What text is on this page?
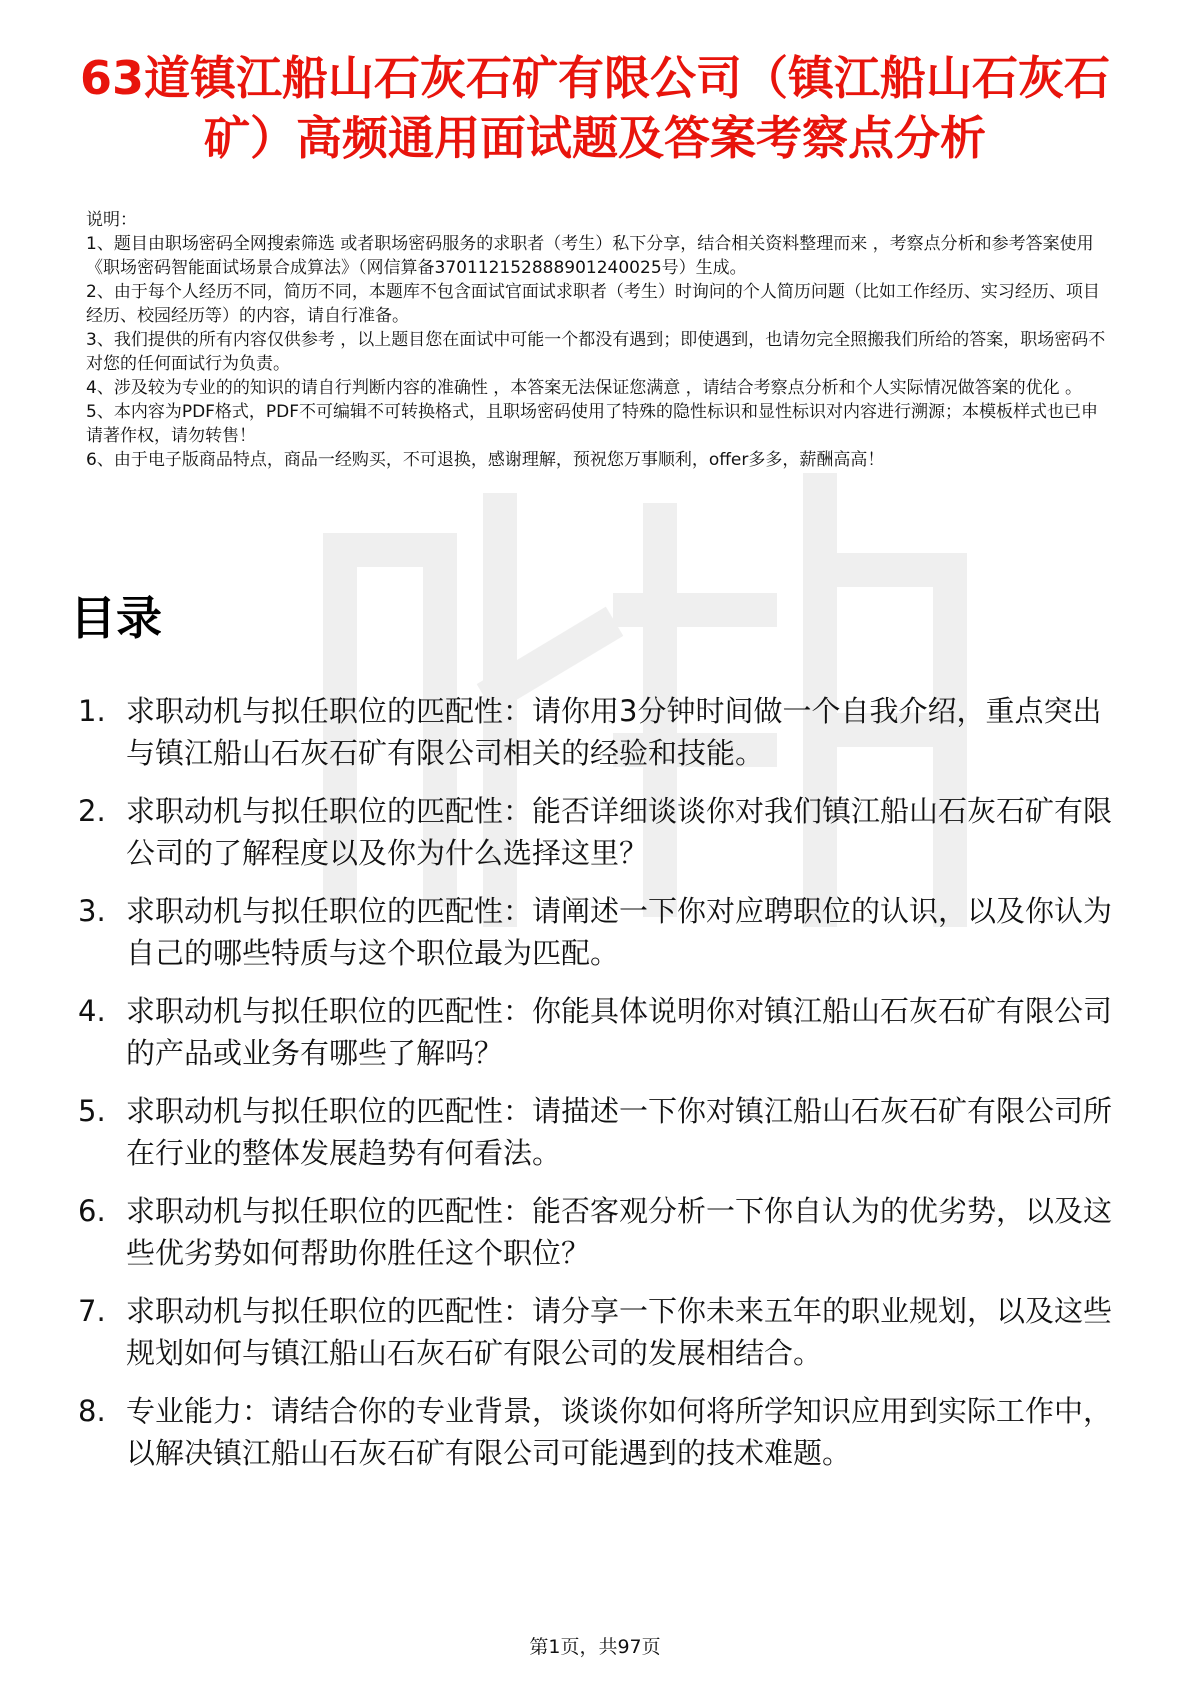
63道镇江船山石灰石矿有限公司（镇江船山石灰石矿）高频通用面试题及答案考察点分析

说明：

1、题目由职场密码全网搜索筛选 或者职场密码服务的求职者（考生）私下分享，结合相关资料整理而来 ，考察点分析和参考答案使用《职场密码智能面试场景合成算法》（网信算备370112152888901240025号）生成。

2、由于每个人经历不同，简历不同，本题库不包含面试官面试求职者（考生）时询问的个人简历问题（比如工作经历、实习经历、项目经历、校园经历等）的内容，请自行准备。

3、我们提供的所有内容仅供参考 ，以上题目您在面试中可能一个都没有遇到；即使遇到，也请勿完全照搬我们所给的答案，职场密码不对您的任何面试行为负责。

4、涉及较为专业的的知识的请自行判断内容的准确性 ，本答案无法保证您满意 ，请结合考察点分析和个人实际情况做答案的优化 。

5、本内容为PDF格式，PDF不可编辑不可转换格式，且职场密码使用了特殊的隐性标识和显性标识对内容进行溯源；本模板样式也已申请著作权，请勿转售！

6、由于电子版商品特点，商品一经购买，不可退换，感谢理解，预祝您万事顺利，offer多多，薪酬高高！

目录
1. 求职动机与拟任职位的匹配性：请你用3分钟时间做一个自我介绍，重点突出与镇江船山石灰石矿有限公司相关的经验和技能。
2. 求职动机与拟任职位的匹配性：能否详细谈谈你对我们镇江船山石灰石矿有限公司的了解程度以及你为什么选择这里？
3. 求职动机与拟任职位的匹配性：请阐述一下你对应聘职位的认识，以及你认为自己的哪些特质与这个职位最为匹配。
4. 求职动机与拟任职位的匹配性：你能具体说明你对镇江船山石灰石矿有限公司的产品或业务有哪些了解吗？
5. 求职动机与拟任职位的匹配性：请描述一下你对镇江船山石灰石矿有限公司所在行业的整体发展趋势有何看法。
6. 求职动机与拟任职位的匹配性：能否客观分析一下你自认为的优劣势，以及这些优劣势如何帮助你胜任这个职位？
7. 求职动机与拟任职位的匹配性：请分享一下你未来五年的职业规划，以及这些规划如何与镇江船山石灰石矿有限公司的发展相结合。
8. 专业能力：请结合你的专业背景，谈谈你如何将所学知识应用到实际工作中，以解决镇江船山石灰石矿有限公司可能遇到的技术难题。
第1页，共97页
